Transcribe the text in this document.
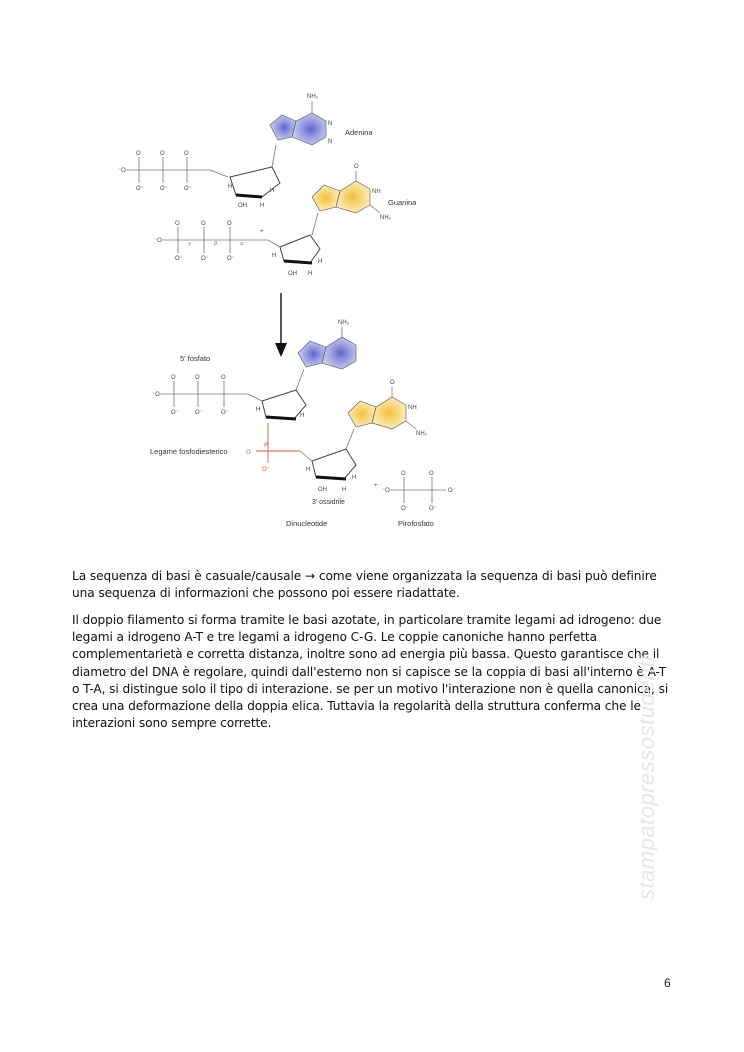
⁻O
O
O⁻
O
O⁻
O
O⁻	H
H
OH H
NH₂
N
N
Adenina
⁻O
O
O⁻
O
O⁻
O
O⁻
γ	β	α
+
H
H
OH H
O
NH
NH₂
Guanina
5' fosfato
⁻O
O
O⁻
O
O⁻
O
O⁻	H
H
NH₂
P
O
O⁻
Legame fosfodiesterico
H
H
OH	H
3' ossidrile
O
NH
NH₂
+
⁻O
O
O⁻
O
O⁻
O⁻
Dinucleotide	Pirofosfato

La sequenza di basi è casuale/causale → come viene organizzata la sequenza di basi può definire una sequenza di informazioni che possono poi essere riadattate.

Il doppio filamento si forma tramite le basi azotate, in particolare tramite legami ad idrogeno: due legami a idrogeno A-T e tre legami a idrogeno C-G. Le coppie canoniche hanno perfetta complementarietà e corretta distanza, inoltre sono ad energia più bassa. Questo garantisce che il diametro del DNA è regolare, quindi dall'esterno non si capisce se la coppia di basi all'interno è A-T o T-A, si distingue solo il tipo di interazione. se per un motivo l'interazione non è quella canonica, si crea una deformazione della doppia elica. Tuttavia la regolarità della struttura conferma che le interazioni sono sempre corrette.	stampatopressostudenti
6
